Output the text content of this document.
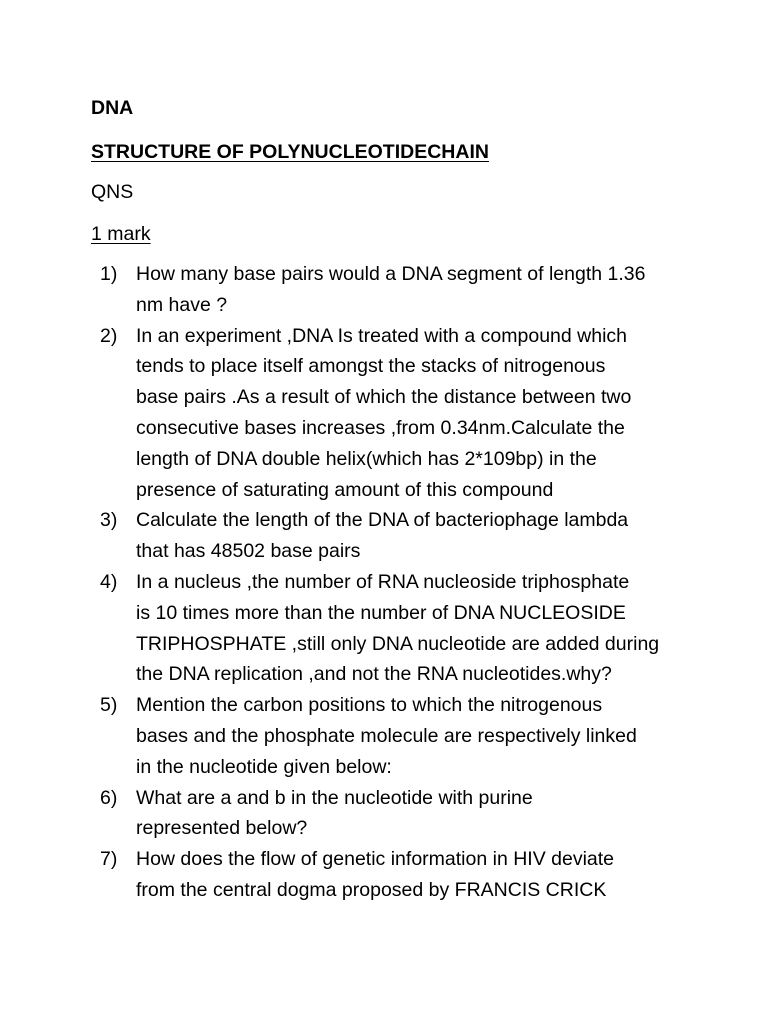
DNA
STRUCTURE OF POLYNUCLEOTIDECHAIN
QNS
1 mark
1) How many base pairs would a DNA segment of length 1.36
nm have ?
2) In an experiment ,DNA Is treated with a compound which
tends to place itself amongst the stacks of nitrogenous
base pairs .As a result of which the distance between two
consecutive bases increases ,from 0.34nm.Calculate the
length of DNA double helix(which has 2*109bp) in the
presence of saturating amount of this compound
3) Calculate the length of the DNA of bacteriophage lambda
that has 48502 base pairs
4) In a nucleus ,the number of RNA nucleoside triphosphate
is 10 times more than the number of DNA NUCLEOSIDE
TRIPHOSPHATE ,still only DNA nucleotide are added during
the DNA replication ,and not the RNA nucleotides.why?
5) Mention the carbon positions to which the nitrogenous
bases and the phosphate molecule are respectively linked
in the nucleotide given below:
6) What are a and b in the nucleotide with purine
represented below?
7) How does the flow of genetic information in HIV deviate
from the central dogma proposed by FRANCIS CRICK
